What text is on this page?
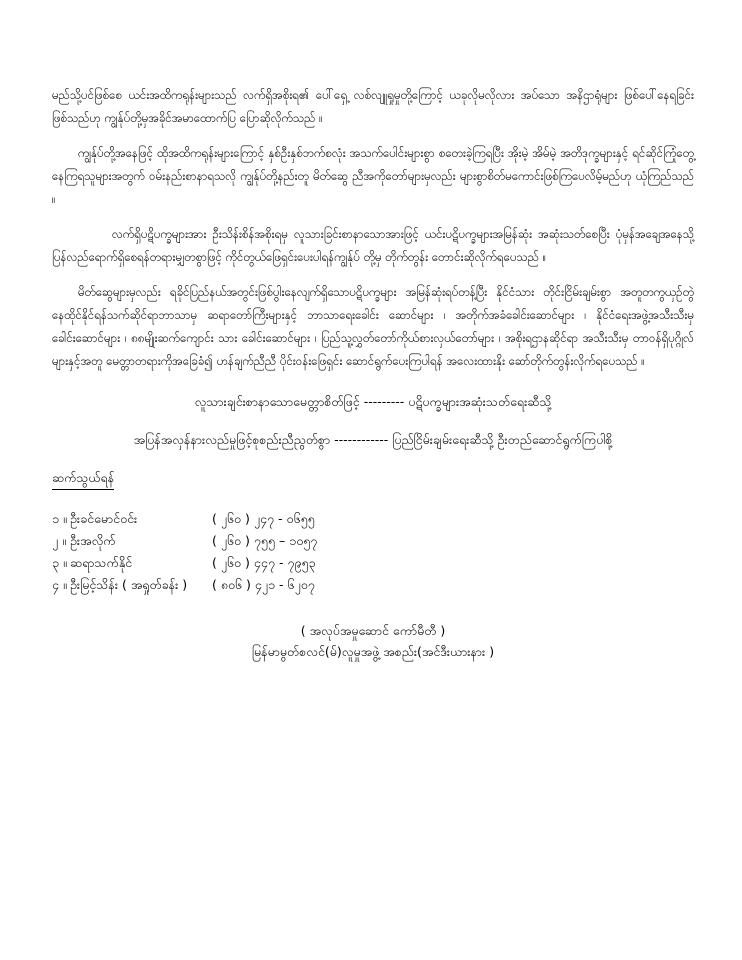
မည်သို့ပင်ဖြစ်စေ ယင်းအထိကရုန်းများသည် လက်ရှိအစိုးရ၏ ပေါ်ရှေ့ လစ်လျူရှုမှုတို့ကြောင့် ယခုလိုမလိုလား အပ်သော အနိဌာရုံများ ဖြစ်ပေါ်နေရခြင်းဖြစ်သည်ဟု ကျွန်ုပ်တို့မှအခိုင်အမာထောက်ပြ ပြောဆိုလိုက်သည် ။

ကျွန်ုပ်တို့အနေဖြင့် ထိုအထိကရုန်းများကြောင့် နှစ်ဦးနှစ်ဘက်စလုံး အသက်ပေါင်းများစွာ စတေးခဲ့ကြရပြီး အိုးမဲ့ အိမ်မဲ့ အတိဒုက္ခများနှင့် ရင်ဆိုင်ကြုံတွေ့ နေကြရသူများအတွက် ဝမ်းနည်းစာနာရသလို ကျွန်ုပ်တို့နည်းတူ မိတ်ဆွေ ညီအကိုတော်များမှလည်း များစွာစိတ်မကောင်းဖြစ်ကြပေလိမ့်မည်ဟု ယုံကြည်သည် ။

လက်ရှိပဋိပက္ခများအား ဦးသိန်းစိန်အစိုးရမှ လူသားခြင်းစာနာသောအားဖြင့် ယင်းပဋိပက္ခများအမြန်ဆုံး အဆုံးသတ်စေပြီး ပုံမှန်အချေအနေသို့ ပြန်လည်ရောက်ရှိစေရန်တရားမျှတစွာဖြင့် ကိုင်တွယ်ဖြေရှင်းပေးပါရန်ကျွန်ုပ် တို့မှ တိုက်တွန်း တောင်းဆိုလိုက်ရပေသည် ။

မိတ်ဆွေများမှလည်း ရခိုင်ပြည်နယ်အတွင်းဖြစ်ပွါးနေလျက်ရှိသောပဋိပက္ခများ အမြန်ဆုံးရပ်တန့်ပြီး နိုင်ငံသား တိုင်းငြိမ်းချမ်းစွာ အတူတကွယှဉ်တွဲနေထိုင်နိုင်ရန်သက်ဆိုင်ရာဘာသာမှ ဆရာတော်ကြီးများနှင့် ဘာသာရေးခေါင်း ဆောင်များ ၊ အတိုက်အခံခေါင်းဆောင်များ ၊ နိုင်ငံရေးအဖွဲ့အသီးသီးမှခေါင်းဆောင်များ ၊ ၈၈မျိုးဆက်ကျောင်း သား ခေါင်းဆောင်များ ၊ ပြည်သူ့လွှတ်တော်ကိုယ်စားလှယ်တော်များ ၊ အစိုးရဌာနဆိုင်ရာ အသီးသီးမှ တာဝန်ရှိပုဂ္ဂိုလ် များနှင့်အတူ မေတ္တာတရားကိုအခြေခံ၍ ဟန်ချက်ညီညီ ပိုင်းဝန်းဖြေရှင်း ဆောင်ရွက်ပေးကြပါရန် အလေးထားနိုး ဆော်တိုက်တွန်းလိုက်ရပေသည် ။

လူသားချင်းစာနာသောမေတ္တာစိတ်ဖြင့် --------- ပဋိပက္ခများအဆုံးသတ်ရေးဆီသို့

အပြန်အလှန်နားလည်မှုဖြင့်စုစည်းညီညွတ်စွာ ------------ ပြည်ငြိမ်းချမ်းရေးဆီသို့ ဦးတည်ဆောင်ရွက်ကြပါစို့

ဆက်သွယ်ရန်
၁ ။ ဦးခင်မောင်ဝင်း	( ၂၆၀ ) ၂၄၇ - ၀၆၅၅
၂ ။ ဦးအလိုက်	( ၂၆၀ ) ၇၅၅ – ၁၀၅၇
၃ ။ ဆရာသက်နိုင်	( ၂၆၀ ) ၄၄၇ - ၇၉၅၃
၄ ။ ဦးမြင့်သိန်း ( အရှုတ်ခန်း )	( ၈၀၆ ) ၄၂၁ - ၆၂၀၇

( အလုပ်အမှုဆောင် ကော်မီတီ )

မြန်မာမွတ်စလင်(မ်)လူမှုအဖွဲ့ အစည်း(အင်ဒီးယားနား )
